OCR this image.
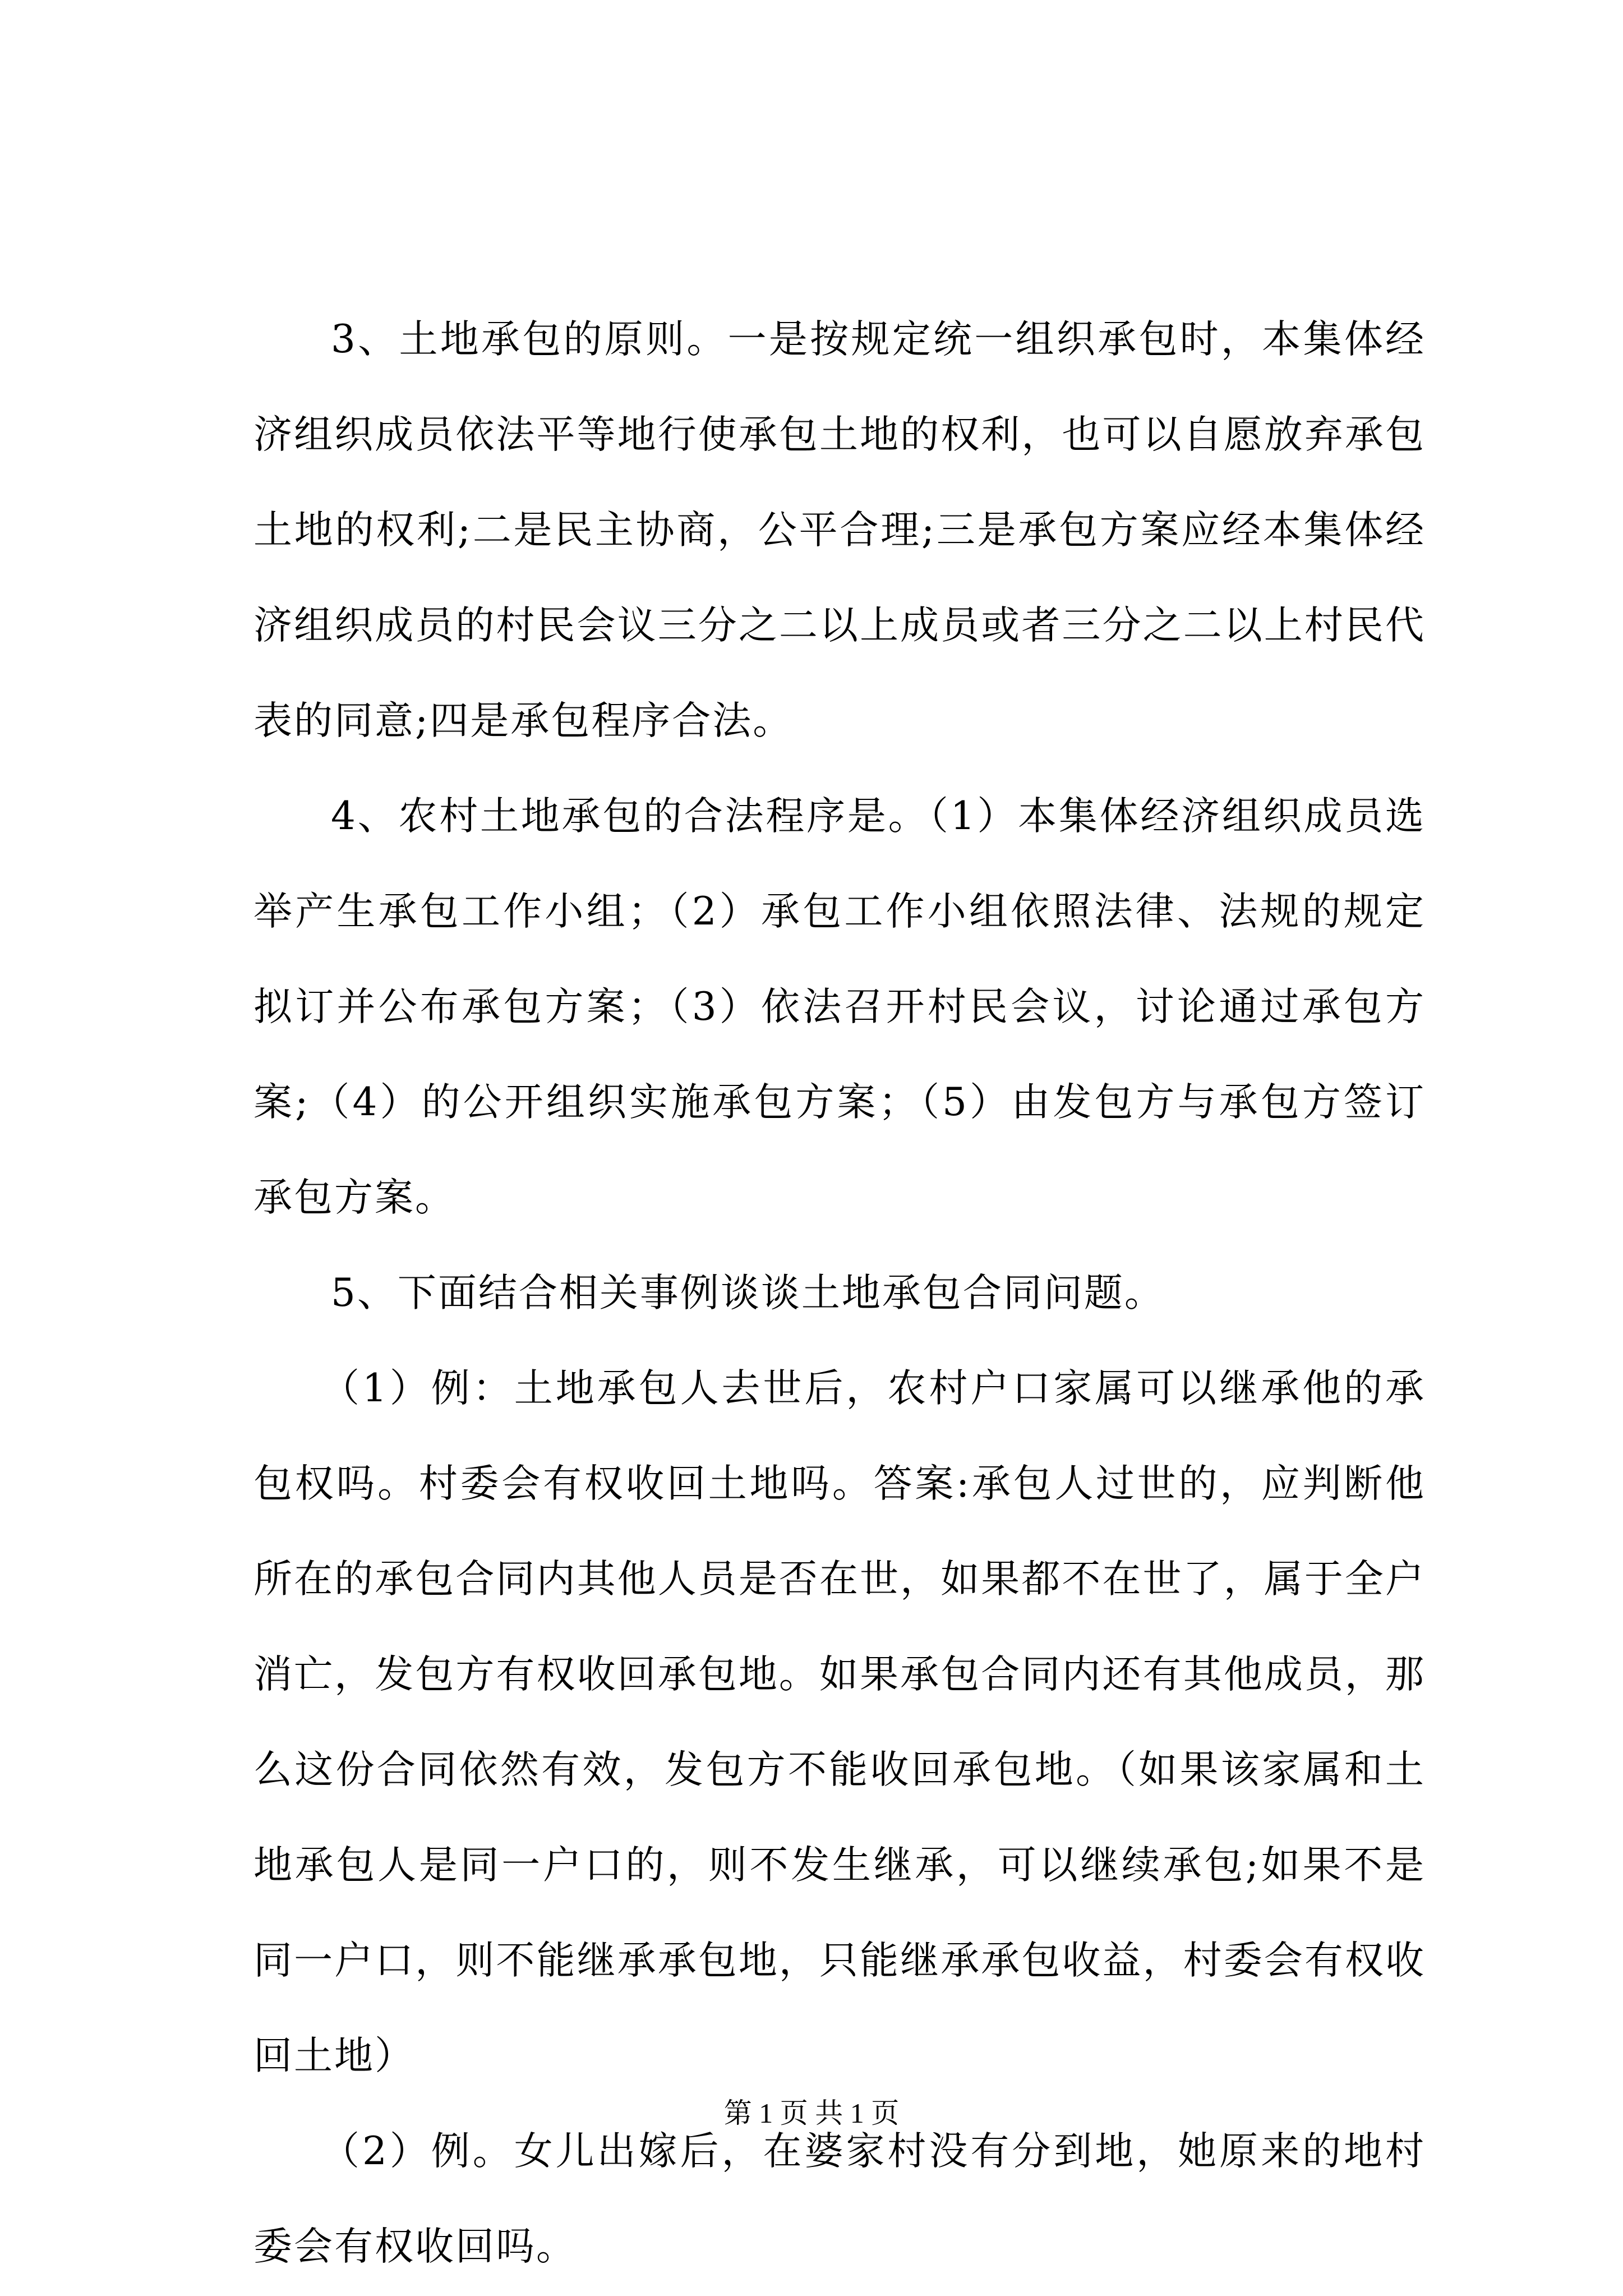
3、土地承包的原则。一是按规定统一组织承包时，本集体经济组织成员依法平等地行使承包土地的权利，也可以自愿放弃承包土地的权利;二是民主协商，公平合理;三是承包方案应经本集体经济组织成员的村民会议三分之二以上成员或者三分之二以上村民代表的同意;四是承包程序合法。

4、农村土地承包的合法程序是。（1）本集体经济组织成员选举产生承包工作小组；（2）承包工作小组依照法律、法规的规定拟订并公布承包方案；（3）依法召开村民会议，讨论通过承包方案;（4）的公开组织实施承包方案；（5）由发包方与承包方签订承包方案。

5、下面结合相关事例谈谈土地承包合同问题。

（1）例：土地承包人去世后，农村户口家属可以继承他的承包权吗。村委会有权收回土地吗。答案:承包人过世的，应判断他所在的承包合同内其他人员是否在世，如果都不在世了，属于全户消亡，发包方有权收回承包地。如果承包合同内还有其他成员，那么这份合同依然有效，发包方不能收回承包地。（如果该家属和土地承包人是同一户口的，则不发生继承，可以继续承包;如果不是同一户口，则不能继承承包地，只能继承承包收益，村委会有权收回土地）

（2）例。女儿出嫁后，在婆家村没有分到地，她原来的地村委会有权收回吗。

第 1 页 共 1 页
